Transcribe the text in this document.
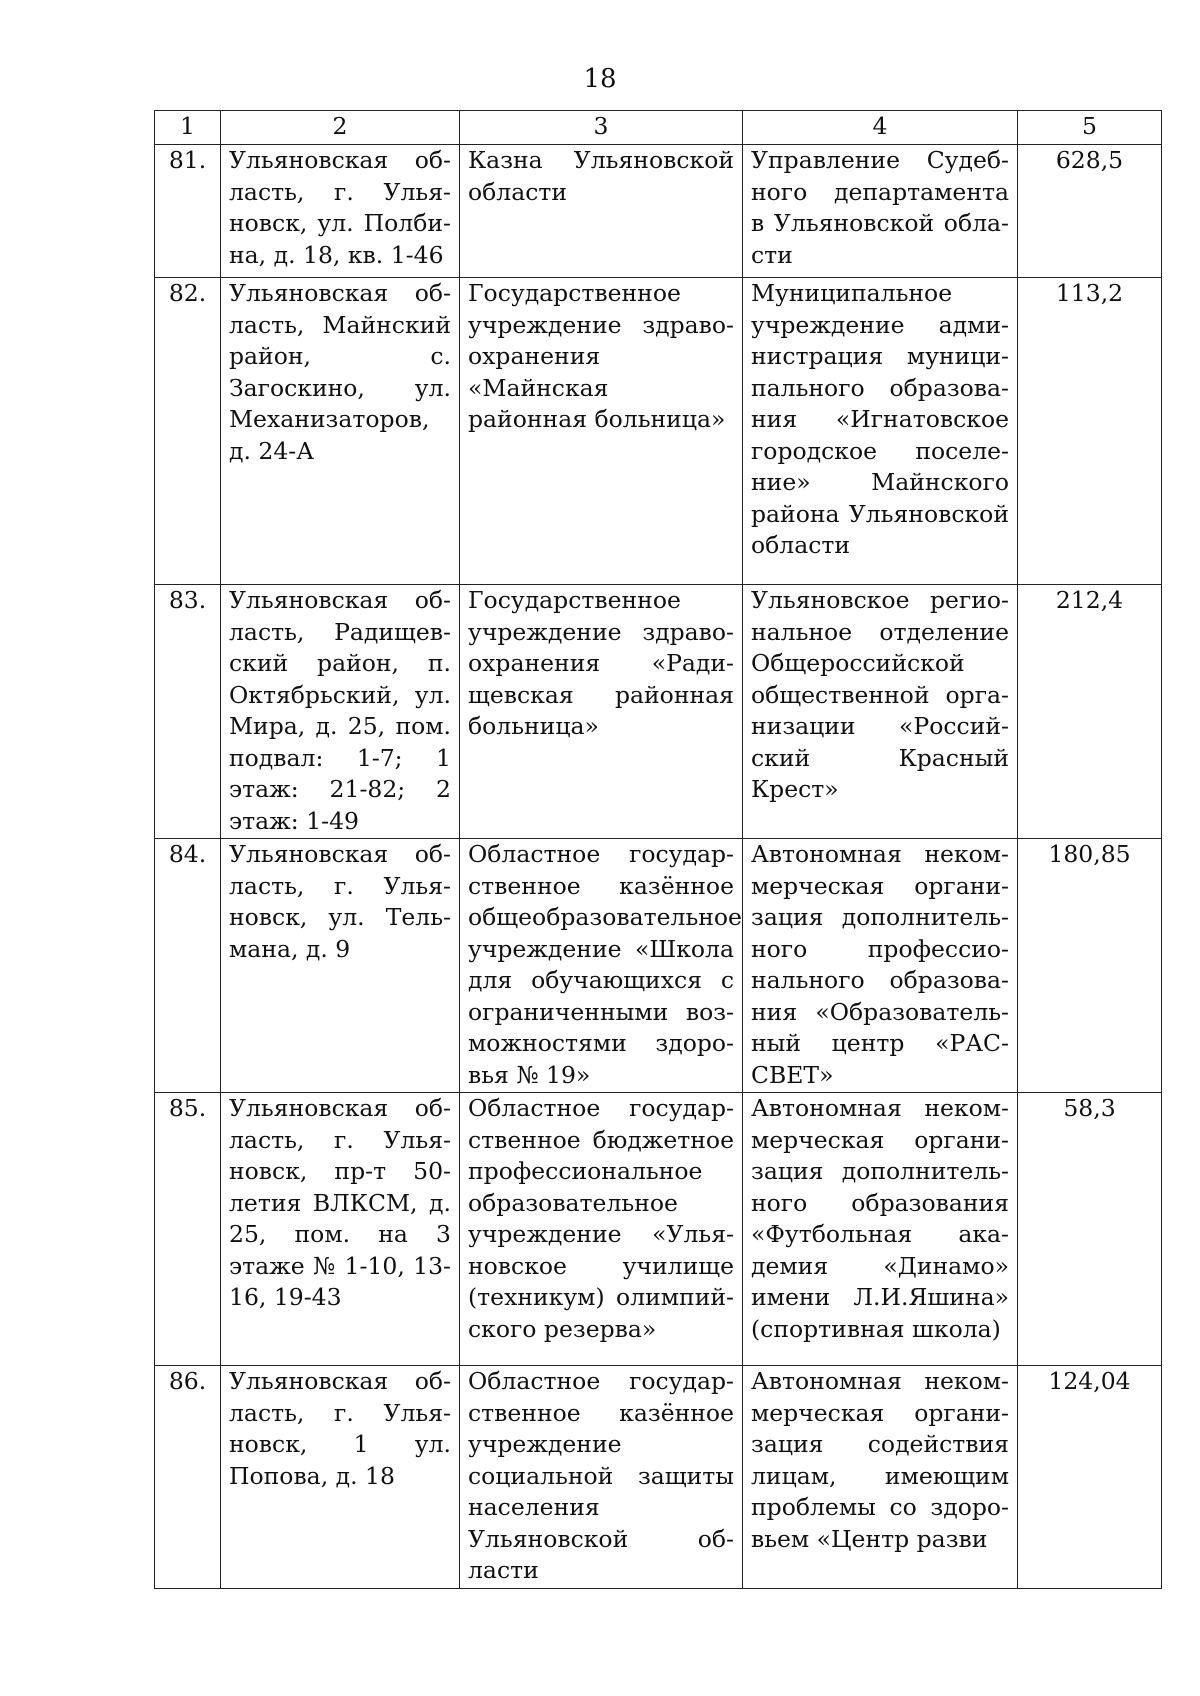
18
1	2	3	4	5
81.	Ульяновская область, г. Ульяновск, ул. Полбина, д. 18, кв. 1-46	Казна Ульяновской области	Управление Судебного департамента в Ульяновской области	628,5
82.	Ульяновская область, Майнский район, с. Загоскино, ул. Механизаторов, д. 24-А	Государственное учреждение здравоохранения «Майнская районная больница»	Муниципальное учреждение администрация муниципального образования «Игнатовское городское поселение» Майнского района Ульяновской области	113,2
83.	Ульяновская область, Радищевский район, п. Октябрьский, ул. Мира, д. 25, пом. подвал: 1-7; 1 этаж: 21-82; 2 этаж: 1-49	Государственное учреждение здравоохранения «Радищевская районная больница»	Ульяновское региональное отделение Общероссийской общественной организации «Российский Красный Крест»	212,4
84.	Ульяновская область, г. Ульяновск, ул. Тельмана, д. 9	Областное государственное казённое общеобразовательное учреждение «Школа для обучающихся с ограниченными возможностями здоровья № 19»	Автономная некоммерческая организация дополнительного профессионального образования «Образовательный центр «РАССВЕТ»	180,85
85.	Ульяновская область, г. Ульяновск, пр-т 50-летия ВЛКСМ, д. 25, пом. на 3 этаже № 1-10, 13-16, 19-43	Областное государственное бюджетное профессиональное образовательное учреждение «Ульяновское училище (техникум) олимпийского резерва»	Автономная некоммерческая организация дополнительного образования «Футбольная академия «Динамо» имени Л.И.Яшина» (спортивная школа)	58,3
86.	Ульяновская область, г. Ульяновск, 1 ул. Попова, д. 18	Областное государственное казённое учреждение социальной защиты населения Ульяновской области	Автономная некоммерческая организация содействия лицам, имеющим проблемы со здоровьем «Центр разви	124,04
